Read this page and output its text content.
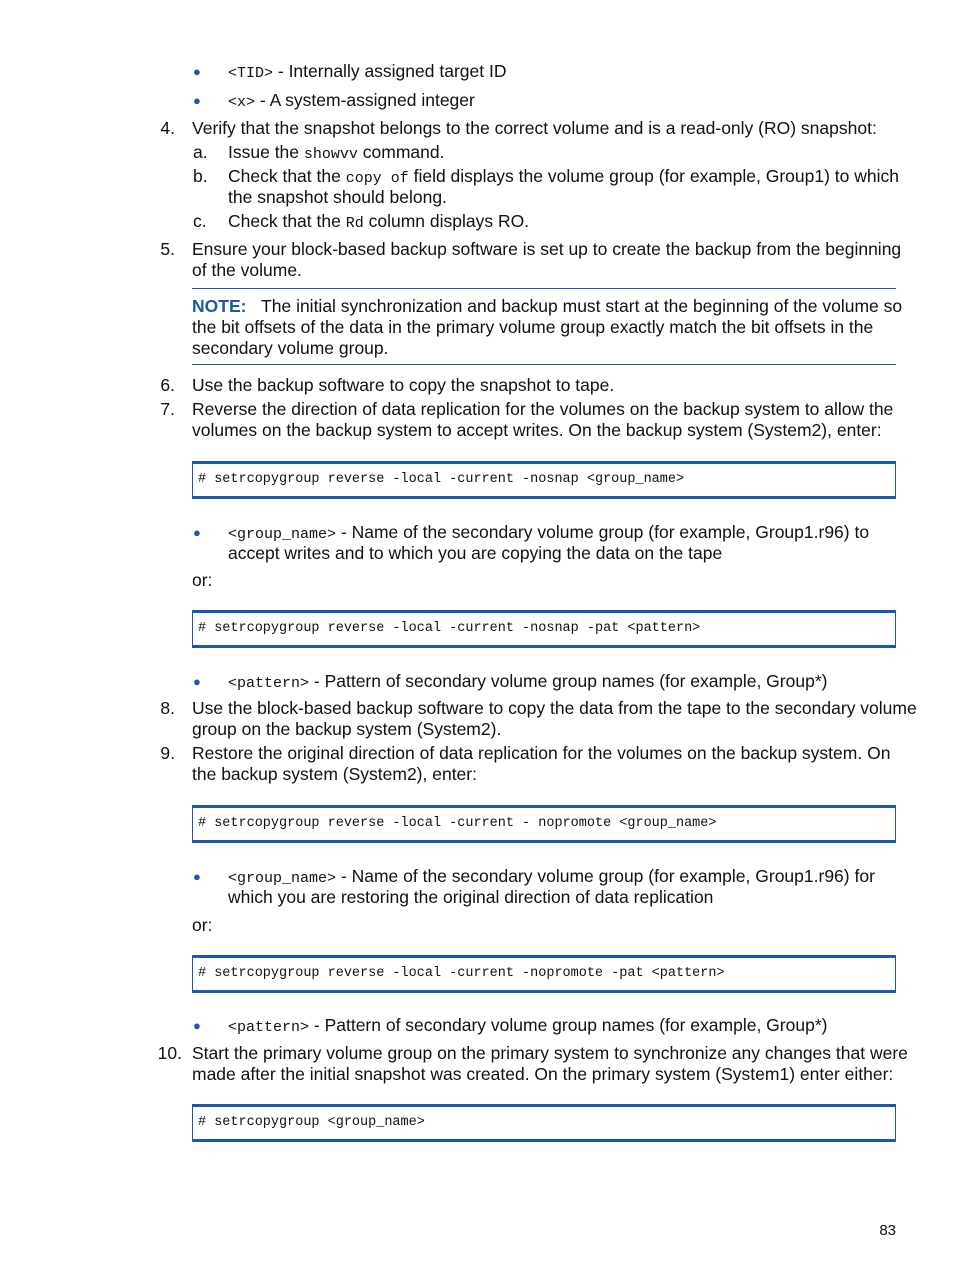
● <TID> - Internally assigned target ID
● <x> - A system-assigned integer
4. Verify that the snapshot belongs to the correct volume and is a read-only (RO) snapshot:
a. Issue the showvv command.
b. Check that the copy of field displays the volume group (for example, Group1) to which
the snapshot should belong.
c. Check that the Rd column displays RO.
5. Ensure your block-based backup software is set up to create the backup from the beginning
of the volume.
NOTE: The initial synchronization and backup must start at the beginning of the volume so
the bit offsets of the data in the primary volume group exactly match the bit offsets in the
secondary volume group.
6. Use the backup software to copy the snapshot to tape.
7. Reverse the direction of data replication for the volumes on the backup system to allow the
volumes on the backup system to accept writes. On the backup system (System2), enter:
# setrcopygroup reverse -local -current -nosnap <group_name>
● <group_name> - Name of the secondary volume group (for example, Group1.r96) to
accept writes and to which you are copying the data on the tape
or:
# setrcopygroup reverse -local -current -nosnap -pat <pattern>
● <pattern> - Pattern of secondary volume group names (for example, Group*)
8. Use the block-based backup software to copy the data from the tape to the secondary volume
group on the backup system (System2).
9. Restore the original direction of data replication for the volumes on the backup system. On
the backup system (System2), enter:
# setrcopygroup reverse -local -current - nopromote <group_name>
● <group_name> - Name of the secondary volume group (for example, Group1.r96) for
which you are restoring the original direction of data replication
or:
# setrcopygroup reverse -local -current -nopromote -pat <pattern>
● <pattern> - Pattern of secondary volume group names (for example, Group*)
10. Start the primary volume group on the primary system to synchronize any changes that were
made after the initial snapshot was created. On the primary system (System1) enter either:
# setrcopygroup <group_name>
83
